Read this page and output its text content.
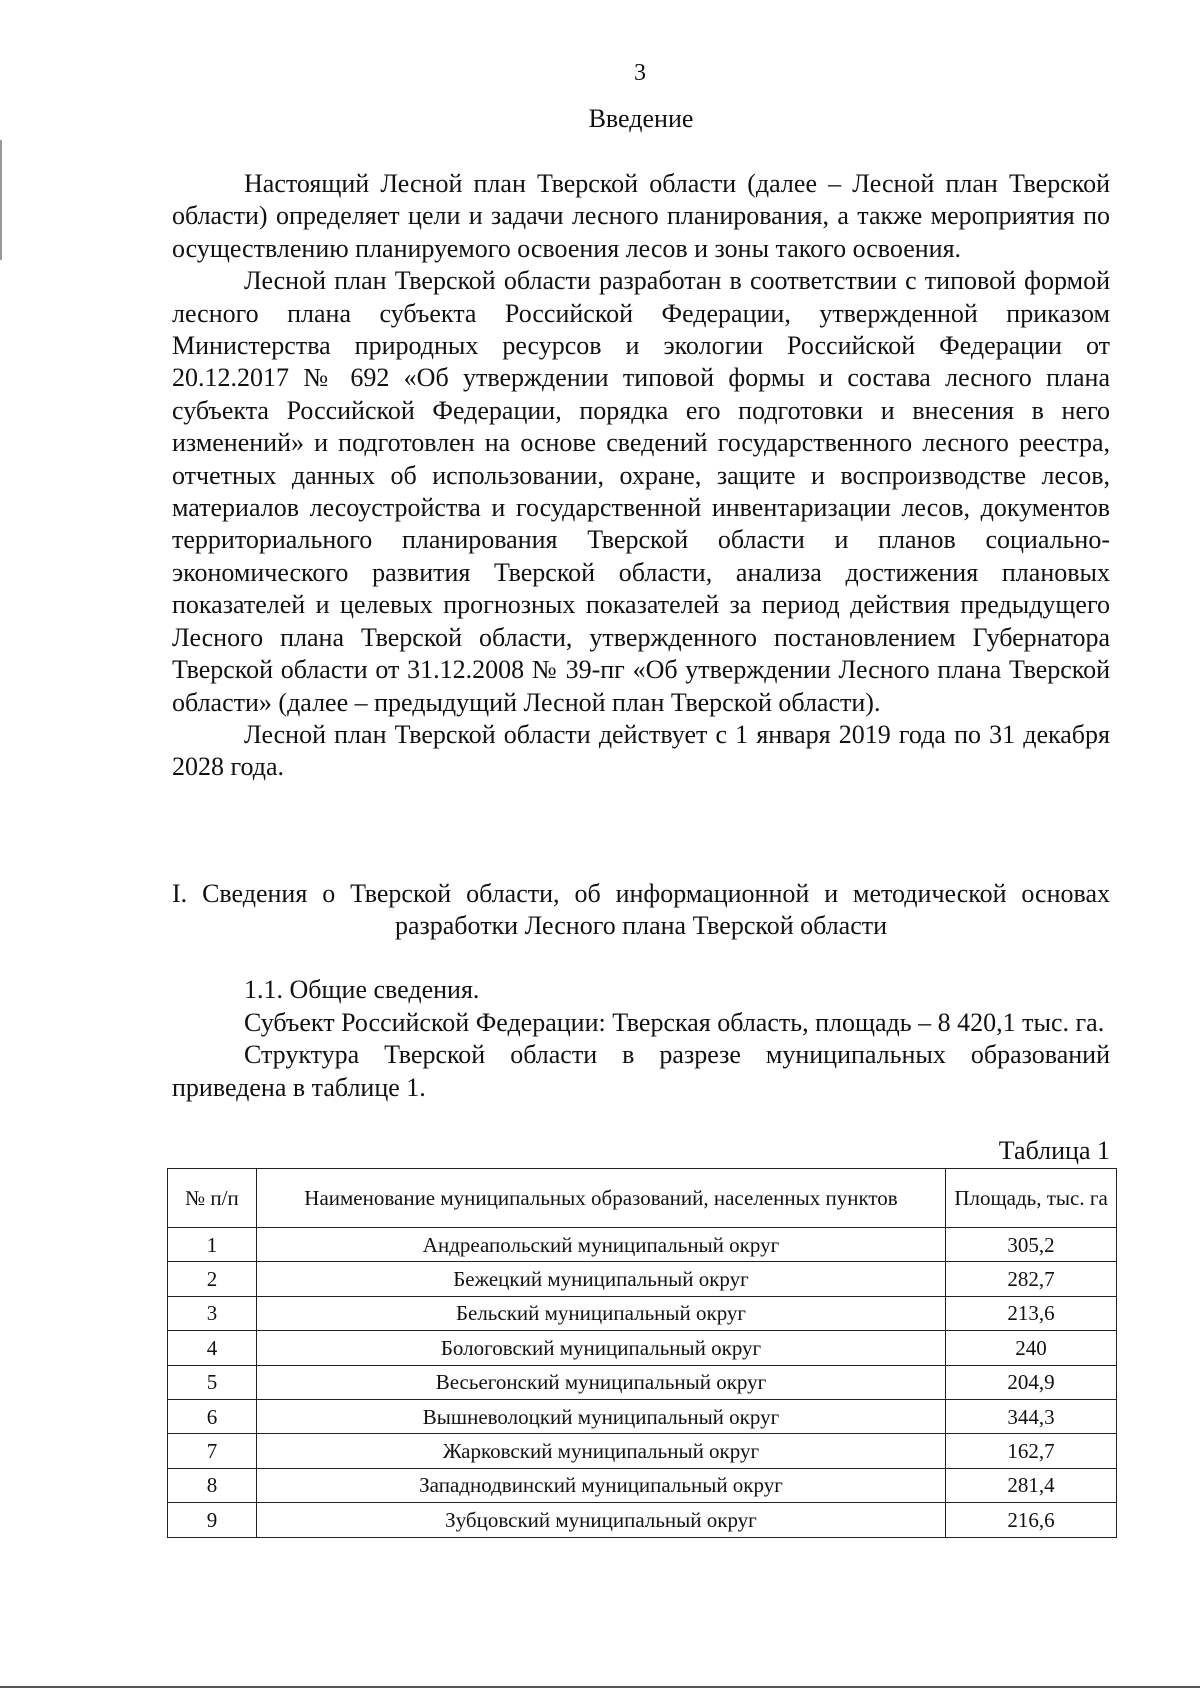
3
Введение

Настоящий Лесной план Тверской области (далее – Лесной план Тверской области) определяет цели и задачи лесного планирования, а также мероприятия по осуществлению планируемого освоения лесов и зоны такого освоения.

Лесной план Тверской области разработан в соответствии с типовой формой лесного плана субъекта Российской Федерации, утвержденной приказом Министерства природных ресурсов и экологии Российской Федерации от 20.12.2017 № 692 «Об утверждении типовой формы и состава лесного плана субъекта Российской Федерации, порядка его подготовки и внесения в него изменений» и подготовлен на основе сведений государственного лесного реестра, отчетных данных об использовании, охране, защите и воспроизводстве лесов, материалов лесоустройства и государственной инвентаризации лесов, документов территориального планирования Тверской области и планов социально-экономического развития Тверской области, анализа достижения плановых показателей и целевых прогнозных показателей за период действия предыдущего Лесного плана Тверской области, утвержденного постановлением Губернатора Тверской области от 31.12.2008 № 39-пг «Об утверждении Лесного плана Тверской области» (далее – предыдущий Лесной план Тверской области).

Лесной план Тверской области действует с 1 января 2019 года по 31 декабря 2028 года.

I. Сведения о Тверской области, об информационной и методической основах
разработки Лесного плана Тверской области

1.1. Общие сведения.

Субъект Российской Федерации: Тверская область, площадь – 8 420,1 тыс. га.

Структура Тверской области в разрезе муниципальных образований приведена в таблице 1.

Таблица 1
№ п/п	Наименование муниципальных образований, населенных пунктов	Площадь, тыс. га
1	Андреапольский муниципальный округ	305,2
2	Бежецкий муниципальный округ	282,7
3	Бельский муниципальный округ	213,6
4	Бологовский муниципальный округ	240
5	Весьегонский муниципальный округ	204,9
6	Вышневолоцкий муниципальный округ	344,3
7	Жарковский муниципальный округ	162,7
8	Западнодвинский муниципальный округ	281,4
9	Зубцовский муниципальный округ	216,6
